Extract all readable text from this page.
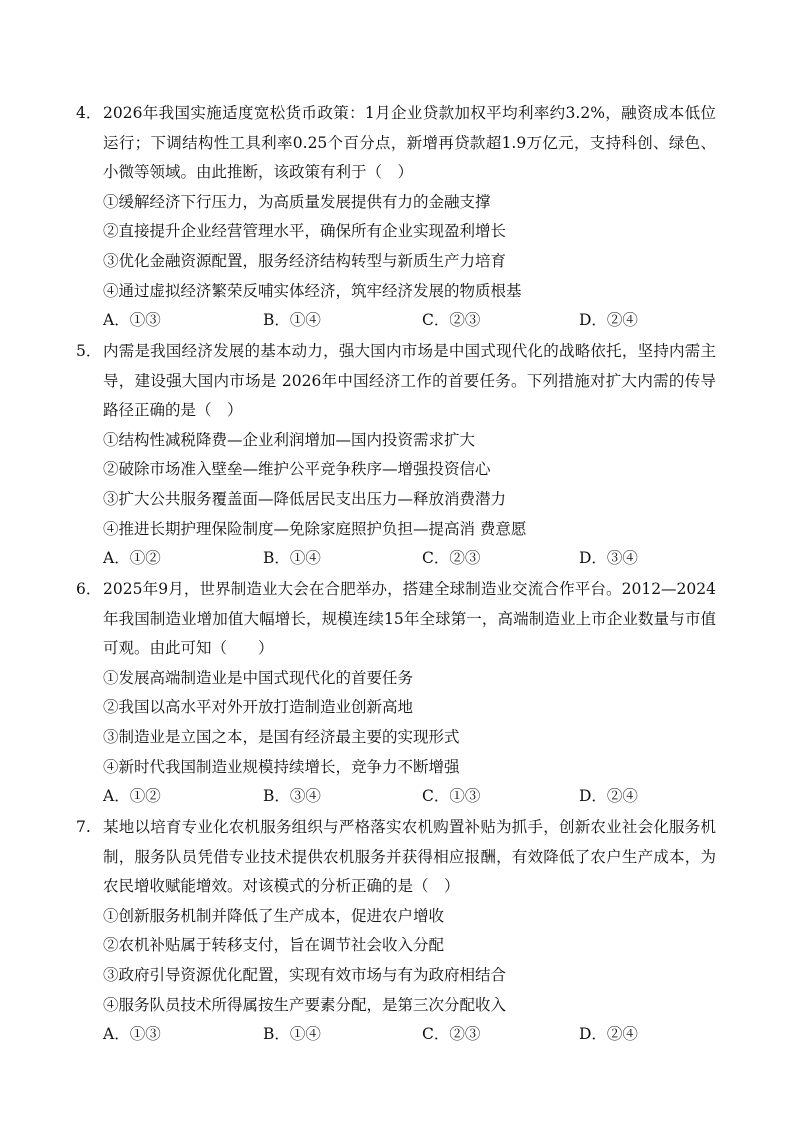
4． 2026年我国实施适度宽松货币政策：1月企业贷款加权平均利率约3.2%，融资成本低位运行；下调结构性工具利率0.25个百分点，新增再贷款超1.9万亿元，支持科创、绿色、小微等领域。由此推断，该政策有利于（　）
①缓解经济下行压力，为高质量发展提供有力的金融支撑
②直接提升企业经营管理水平，确保所有企业实现盈利增长
③优化金融资源配置，服务经济结构转型与新质生产力培育
④通过虚拟经济繁荣反哺实体经济，筑牢经济发展的物质根基
A．①③	B．①④	C．②③	D．②④
5． 内需是我国经济发展的基本动力，强大国内市场是中国式现代化的战略依托，坚持内需主导，建设强大国内市场是 2026年中国经济工作的首要任务。下列措施对扩大内需的传导路径正确的是（　）
①结构性减税降费—企业利润增加—国内投资需求扩大
②破除市场准入壁垒—维护公平竞争秩序—增强投资信心
③扩大公共服务覆盖面—降低居民支出压力—释放消费潜力
④推进长期护理保险制度—免除家庭照护负担—提高消 费意愿
A．①②	B．①④	C．②③	D．③④
6． 2025年9月，世界制造业大会在合肥举办，搭建全球制造业交流合作平台。2012—2024年我国制造业增加值大幅增长，规模连续15年全球第一，高端制造业上市企业数量与市值可观。由此可知（　　）
①发展高端制造业是中国式现代化的首要任务
②我国以高水平对外开放打造制造业创新高地
③制造业是立国之本，是国有经济最主要的实现形式
④新时代我国制造业规模持续增长，竞争力不断增强
A．①②	B．③④	C．①③	D．②④
7. 某地以培育专业化农机服务组织与严格落实农机购置补贴为抓手，创新农业社会化服务机制，服务队员凭借专业技术提供农机服务并获得相应报酬，有效降低了农户生产成本，为农民增收赋能增效。对该模式的分析正确的是（　）
①创新服务机制并降低了生产成本，促进农户增收
②农机补贴属于转移支付，旨在调节社会收入分配
③政府引导资源优化配置，实现有效市场与有为政府相结合
④服务队员技术所得属按生产要素分配，是第三次分配收入
A．①③	B．①④	C．②③	D．②④
